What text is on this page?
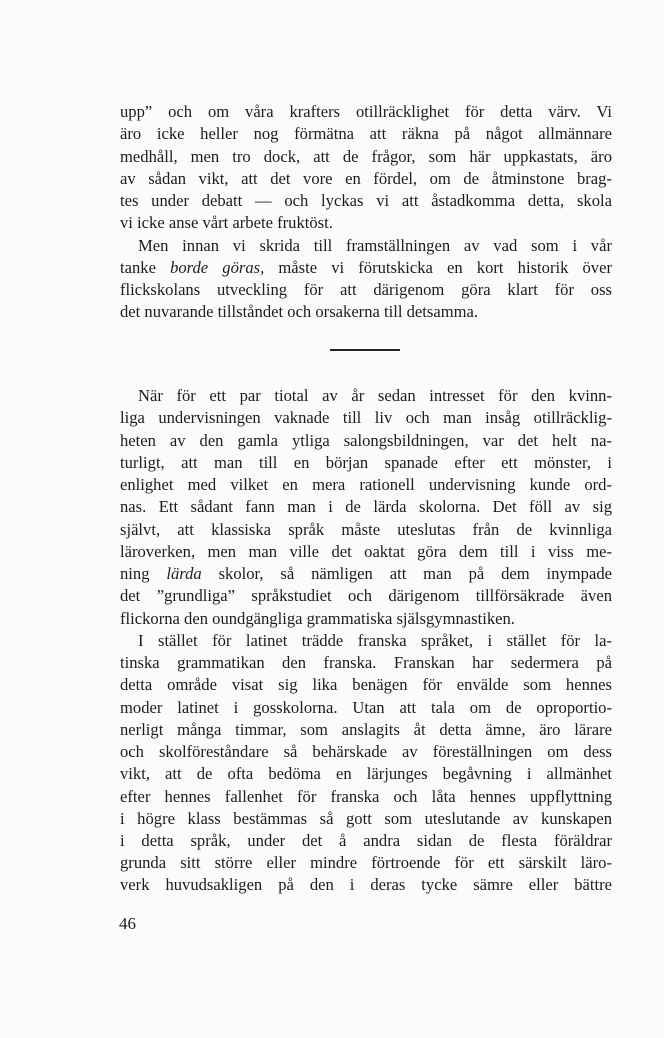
upp” och om våra krafters otillräcklighet för detta värv. Vi
äro icke heller nog förmätna att räkna på något allmännare
medhåll, men tro dock, att de frågor, som här uppkastats, äro
av sådan vikt, att det vore en fördel, om de åtminstone brag-
tes under debatt — och lyckas vi att åstadkomma detta, skola
vi icke anse vårt arbete fruktöst.
Men innan vi skrida till framställningen av vad som i vår
tanke borde göras, måste vi förutskicka en kort historik över
flickskolans utveckling för att därigenom göra klart för oss
det nuvarande tillståndet och orsakerna till detsamma.
När för ett par tiotal av år sedan intresset för den kvinn-
liga undervisningen vaknade till liv och man insåg otillräcklig-
heten av den gamla ytliga salongsbildningen, var det helt na-
turligt, att man till en början spanade efter ett mönster, i
enlighet med vilket en mera rationell undervisning kunde ord-
nas. Ett sådant fann man i de lärda skolorna. Det föll av sig
självt, att klassiska språk måste uteslutas från de kvinnliga
läroverken, men man ville det oaktat göra dem till i viss me-
ning lärda skolor, så nämligen att man på dem inympade
det ”grundliga” språkstudiet och därigenom tillförsäkrade även
flickorna den oundgängliga grammatiska själsgymnastiken.
I stället för latinet trädde franska språket, i stället för la-
tinska grammatikan den franska. Franskan har sedermera på
detta område visat sig lika benägen för envälde som hennes
moder latinet i gosskolorna. Utan att tala om de oproportio-
nerligt många timmar, som anslagits åt detta ämne, äro lärare
och skolföreståndare så behärskade av föreställningen om dess
vikt, att de ofta bedöma en lärjunges begåvning i allmänhet
efter hennes fallenhet för franska och låta hennes uppflyttning
i högre klass bestämmas så gott som uteslutande av kunskapen
i detta språk, under det å andra sidan de flesta föräldrar
grunda sitt större eller mindre förtroende för ett särskilt läro-
verk huvudsakligen på den i deras tycke sämre eller bättre
46
